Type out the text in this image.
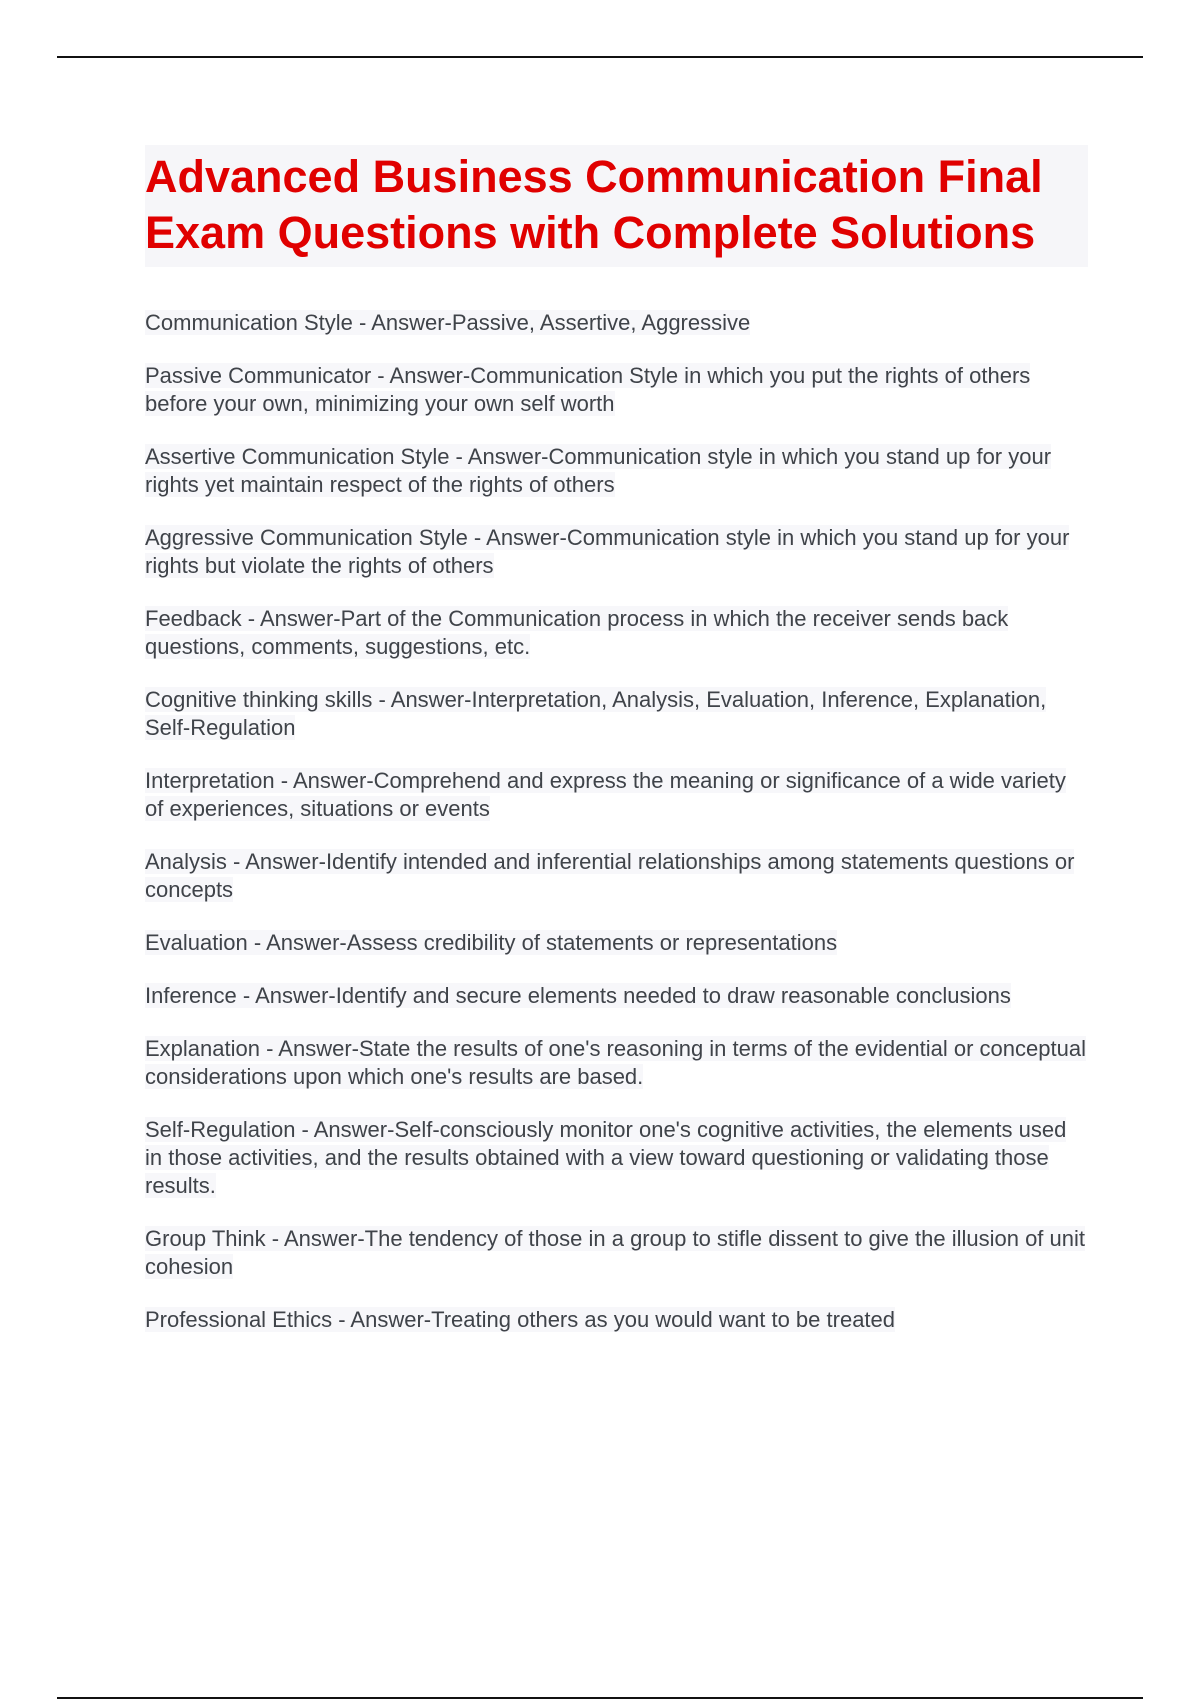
Advanced Business Communication Final Exam Questions with Complete Solutions

Communication Style - Answer-Passive, Assertive, Aggressive

Passive Communicator - Answer-Communication Style in which you put the rights of others before your own, minimizing your own self worth

Assertive Communication Style - Answer-Communication style in which you stand up for your rights yet maintain respect of the rights of others

Aggressive Communication Style - Answer-Communication style in which you stand up for your rights but violate the rights of others

Feedback - Answer-Part of the Communication process in which the receiver sends back questions, comments, suggestions, etc.

Cognitive thinking skills - Answer-Interpretation, Analysis, Evaluation, Inference, Explanation, Self-Regulation

Interpretation - Answer-Comprehend and express the meaning or significance of a wide variety of experiences, situations or events

Analysis - Answer-Identify intended and inferential relationships among statements questions or concepts

Evaluation - Answer-Assess credibility of statements or representations

Inference - Answer-Identify and secure elements needed to draw reasonable conclusions

Explanation - Answer-State the results of one's reasoning in terms of the evidential or conceptual considerations upon which one's results are based.

Self-Regulation - Answer-Self-consciously monitor one's cognitive activities, the elements used in those activities, and the results obtained with a view toward questioning or validating those results.

Group Think - Answer-The tendency of those in a group to stifle dissent to give the illusion of unit cohesion

Professional Ethics - Answer-Treating others as you would want to be treated
